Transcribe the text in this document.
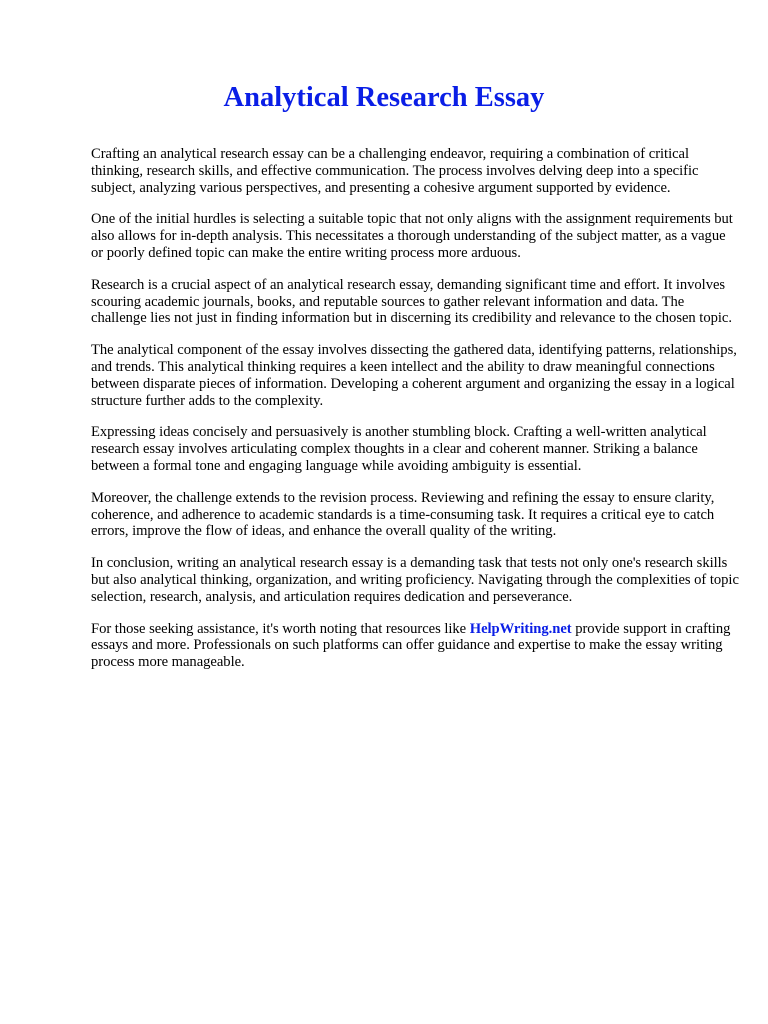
Analytical Research Essay

Crafting an analytical research essay can be a challenging endeavor, requiring a combination of critical thinking, research skills, and effective communication. The process involves delving deep into a specific subject, analyzing various perspectives, and presenting a cohesive argument supported by evidence.

One of the initial hurdles is selecting a suitable topic that not only aligns with the assignment requirements but also allows for in-depth analysis. This necessitates a thorough understanding of the subject matter, as a vague or poorly defined topic can make the entire writing process more arduous.

Research is a crucial aspect of an analytical research essay, demanding significant time and effort. It involves scouring academic journals, books, and reputable sources to gather relevant information and data. The challenge lies not just in finding information but in discerning its credibility and relevance to the chosen topic.

The analytical component of the essay involves dissecting the gathered data, identifying patterns, relationships, and trends. This analytical thinking requires a keen intellect and the ability to draw meaningful connections between disparate pieces of information. Developing a coherent argument and organizing the essay in a logical structure further adds to the complexity.

Expressing ideas concisely and persuasively is another stumbling block. Crafting a well-written analytical research essay involves articulating complex thoughts in a clear and coherent manner. Striking a balance between a formal tone and engaging language while avoiding ambiguity is essential.

Moreover, the challenge extends to the revision process. Reviewing and refining the essay to ensure clarity, coherence, and adherence to academic standards is a time-consuming task. It requires a critical eye to catch errors, improve the flow of ideas, and enhance the overall quality of the writing.

In conclusion, writing an analytical research essay is a demanding task that tests not only one's research skills but also analytical thinking, organization, and writing proficiency. Navigating through the complexities of topic selection, research, analysis, and articulation requires dedication and perseverance.

For those seeking assistance, it's worth noting that resources like HelpWriting.net provide support in crafting essays and more. Professionals on such platforms can offer guidance and expertise to make the essay writing process more manageable.
